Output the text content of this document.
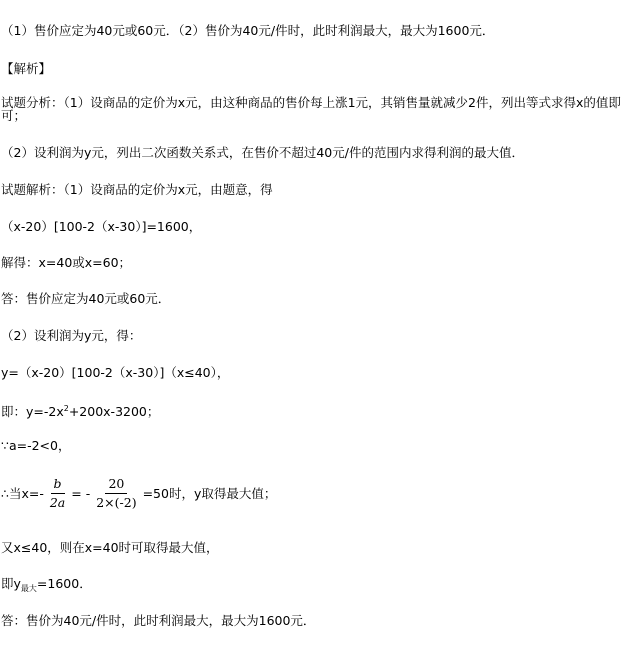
（1）售价应定为40元或60元．（2）售价为40元/件时，此时利润最大，最大为1600元．
【解析】
试题分析：（1）设商品的定价为x元，由这种商品的售价每上涨1元，其销售量就减少2件，列出等式求得x的值即可；
（2）设利润为y元，列出二次函数关系式，在售价不超过40元/件的范围内求得利润的最大值．
试题解析：（1）设商品的定价为x元，由题意，得
（x-20）[100-2（x-30）]=1600，
解得：x=40或x=60；
答：售价应定为40元或60元．
（2）设利润为y元，得：
y=（x-20）[100-2（x-30）]（x≤40），
即：$y=-2x^2+200x-3200$；
∵a=-2<0，
∴当$x=- \frac{b}{2a}$ = - $\frac{20}{2\times(-2)} =50$时，y取得最大值；
又x≤40，则在x=40时可取得最大值，
即$y_{最大}=1600$．
答：售价为40元/件时，此时利润最大，最大为1600元．
